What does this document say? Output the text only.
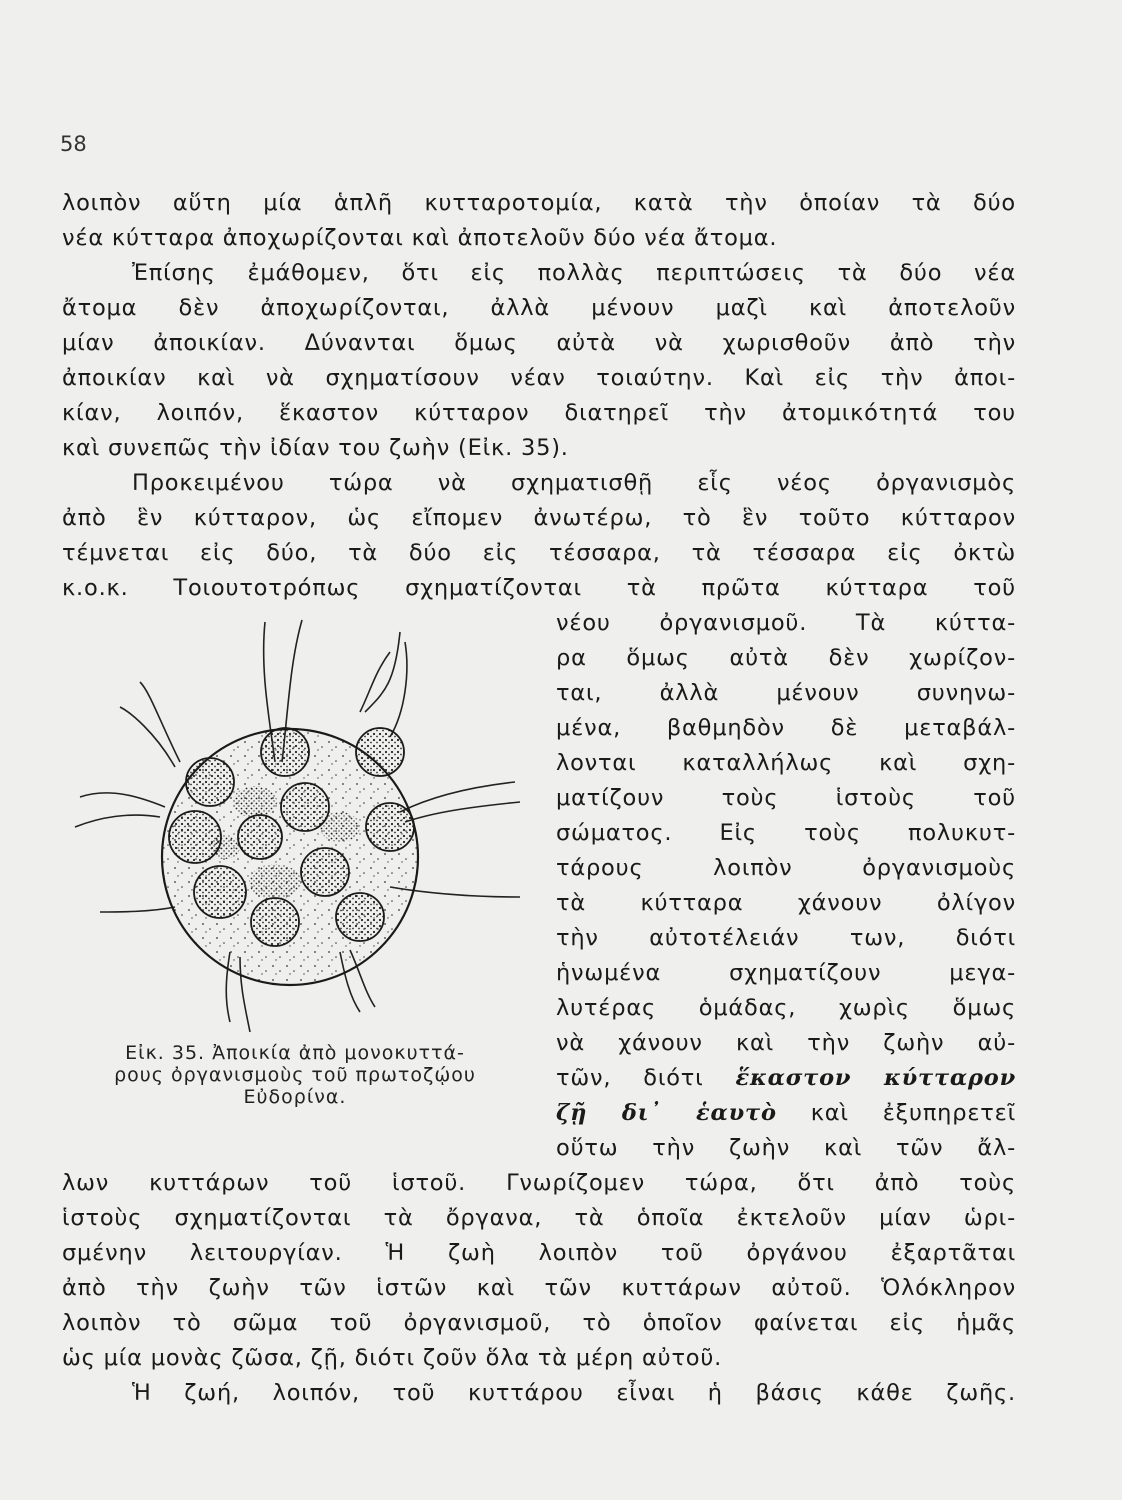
58
λοιπὸν αὕτη μία ἁπλῆ κυτταροτομία, κατὰ τὴν ὁποίαν τὰ δύο
νέα κύτταρα ἀποχωρίζονται καὶ ἀποτελοῦν δύο νέα ἄτομα.
Ἐπίσης ἐμάθομεν, ὅτι εἰς πολλὰς περιπτώσεις τὰ δύο νέα
ἄτομα δὲν ἀποχωρίζονται, ἀλλὰ μένουν μαζὶ καὶ ἀποτελοῦν
μίαν ἀποικίαν. Δύνανται ὅμως αὐτὰ νὰ χωρισθοῦν ἀπὸ τὴν
ἀποικίαν καὶ νὰ σχηματίσουν νέαν τοιαύτην. Καὶ εἰς τὴν ἀποι-
κίαν, λοιπόν, ἕκαστον κύτταρον διατηρεῖ τὴν ἀτομικότητά του
καὶ συνεπῶς τὴν ἰδίαν του ζωὴν (Εἰκ. 35).
Προκειμένου τώρα νὰ σχηματισθῇ εἷς νέος ὀργανισμὸς
ἀπὸ ἓν κύτταρον, ὡς εἴπομεν ἀνωτέρω, τὸ ἓν τοῦτο κύτταρον
τέμνεται εἰς δύο, τὰ δύο εἰς τέσσαρα, τὰ τέσσαρα εἰς ὀκτὼ
κ.ο.κ. Τοιουτοτρόπως σχηματίζονται τὰ πρῶτα κύτταρα τοῦ
νέου ὀργανισμοῦ. Τὰ κύττα-
ρα ὅμως αὐτὰ δὲν χωρίζον-
ται, ἀλλὰ μένουν συνηνω-
μένα, βαθμηδὸν δὲ μεταβάλ-
λονται καταλλήλως καὶ σχη-
ματίζουν τοὺς ἱστοὺς τοῦ
σώματος. Εἰς τοὺς πολυκυτ-
τάρους λοιπὸν ὀργανισμοὺς
τὰ κύτταρα χάνουν ὀλίγον
τὴν αὐτοτέλειάν των, διότι
ἡνωμένα σχηματίζουν μεγα-
λυτέρας ὁμάδας, χωρὶς ὅμως
νὰ χάνουν καὶ τὴν ζωὴν αὐ-
τῶν, διότι ἕκαστον κύτταρον
ζῇ δι᾿ ἑαυτὸ καὶ ἐξυπηρετεῖ
οὕτω τὴν ζωὴν καὶ τῶν ἄλ-
Εἰκ. 35. Ἀποικία ἀπὸ μονοκυττά-
ρους ὀργανισμοὺς τοῦ πρωτοζῴου
Εὐδορίνα.
λων κυττάρων τοῦ ἱστοῦ. Γνωρίζομεν τώρα, ὅτι ἀπὸ τοὺς
ἱστοὺς σχηματίζονται τὰ ὄργανα, τὰ ὁποῖα ἐκτελοῦν μίαν ὡρι-
σμένην λειτουργίαν. Ἡ ζωὴ λοιπὸν τοῦ ὀργάνου ἐξαρτᾶται
ἀπὸ τὴν ζωὴν τῶν ἱστῶν καὶ τῶν κυττάρων αὐτοῦ. Ὁλόκληρον
λοιπὸν τὸ σῶμα τοῦ ὀργανισμοῦ, τὸ ὁποῖον φαίνεται εἰς ἡμᾶς
ὡς μία μονὰς ζῶσα, ζῇ, διότι ζοῦν ὅλα τὰ μέρη αὐτοῦ.
Ἡ ζωή, λοιπόν, τοῦ κυττάρου εἶναι ἡ βάσις κάθε ζωῆς.
